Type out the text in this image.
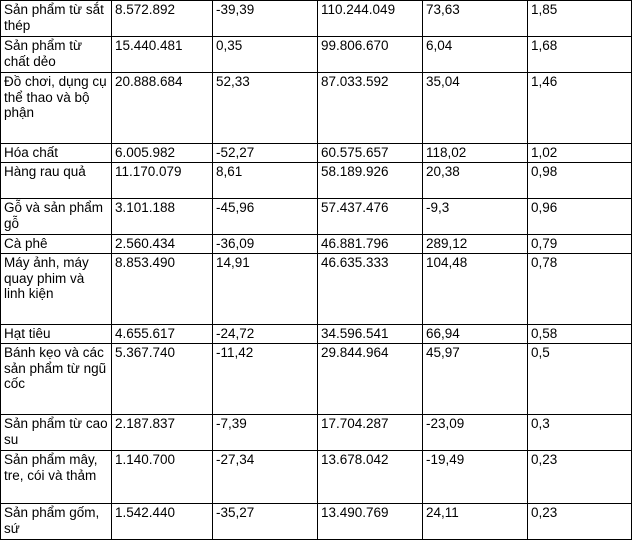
Sản phẩm từ sắt thép	8.572.892	-39,39	110.244.049	73,63	1,85
Sản phẩm từ chất dẻo	15.440.481	0,35	99.806.670	6,04	1,68
Đồ chơi, dụng cụ thể thao và bộ phận	20.888.684	52,33	87.033.592	35,04	1,46
Hóa chất	6.005.982	-52,27	60.575.657	118,02	1,02
Hàng rau quả	11.170.079	8,61	58.189.926	20,38	0,98
Gỗ và sản phẩm gỗ	3.101.188	-45,96	57.437.476	-9,3	0,96
Cà phê	2.560.434	-36,09	46.881.796	289,12	0,79
Máy ảnh, máy quay phim và linh kiện	8.853.490	14,91	46.635.333	104,48	0,78
Hạt tiêu	4.655.617	-24,72	34.596.541	66,94	0,58
Bánh kẹo và các sản phẩm từ ngũ cốc	5.367.740	-11,42	29.844.964	45,97	0,5
Sản phẩm từ cao su	2.187.837	-7,39	17.704.287	-23,09	0,3
Sản phẩm mây, tre, cói và thảm	1.140.700	-27,34	13.678.042	-19,49	0,23
Sản phẩm gốm, sứ	1.542.440	-35,27	13.490.769	24,11	0,23
